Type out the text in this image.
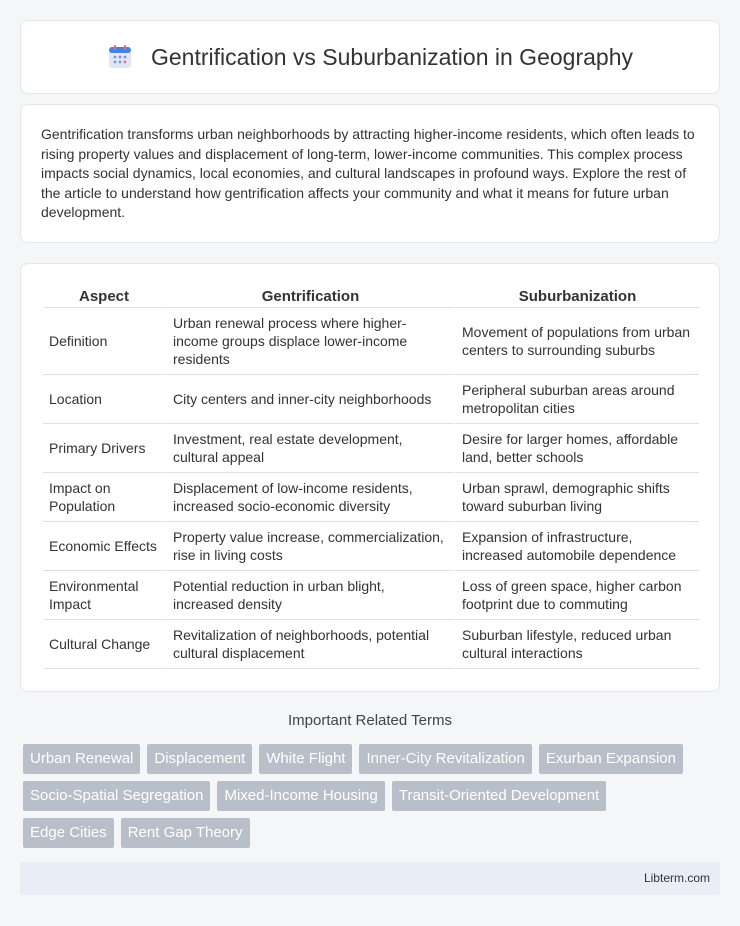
Gentrification vs Suburbanization in Geography

Gentrification transforms urban neighborhoods by attracting higher-income residents, which often leads to rising property values and displacement of long-term, lower-income communities. This complex process impacts social dynamics, local economies, and cultural landscapes in profound ways. Explore the rest of the article to understand how gentrification affects your community and what it means for future urban development.

Aspect	Gentrification	Suburbanization
Definition	Urban renewal process where higher-income groups displace lower-income residents	Movement of populations from urban centers to surrounding suburbs
Location	City centers and inner-city neighborhoods	Peripheral suburban areas around metropolitan cities
Primary Drivers	Investment, real estate development, cultural appeal	Desire for larger homes, affordable land, better schools
Impact on Population	Displacement of low-income residents, increased socio-economic diversity	Urban sprawl, demographic shifts toward suburban living
Economic Effects	Property value increase, commercialization, rise in living costs	Expansion of infrastructure, increased automobile dependence
Environmental Impact	Potential reduction in urban blight, increased density	Loss of green space, higher carbon footprint due to commuting
Cultural Change	Revitalization of neighborhoods, potential cultural displacement	Suburban lifestyle, reduced urban cultural interactions
Important Related Terms
Urban Renewal	Displacement	White Flight	Inner-City Revitalization	Exurban Expansion
Socio-Spatial Segregation	Mixed-Income Housing	Transit-Oriented Development
Edge Cities	Rent Gap Theory
Libterm.com
